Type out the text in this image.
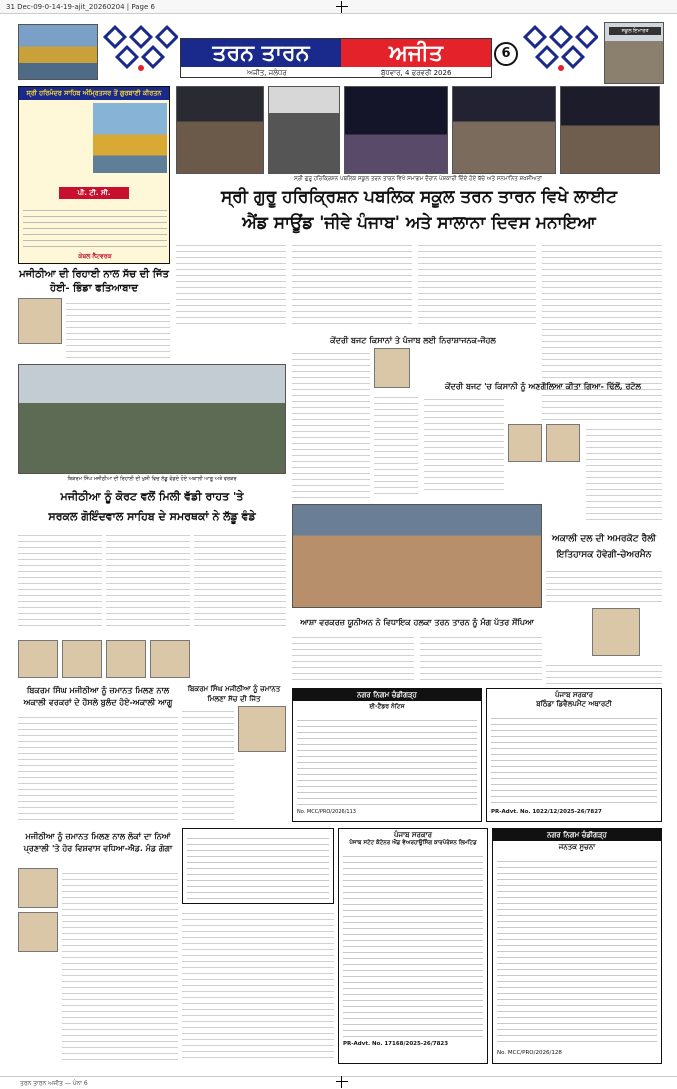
31 Dec-09-0-14-19-ajit_20260204 | Page 6
ਸਕੂਲ ਇਮਾਰਤ
ਤਰਨ ਤਾਰਨ	ਅਜੀਤ
ਅਜੀਤ, ਜਲੰਧਰ	ਬੁੱਧਵਾਰ, 4 ਫਰਵਰੀ 2026
6
ਸ੍ਰੀ ਹਰਿਮੰਦਰ ਸਾਹਿਬ ਅੰਮ੍ਰਿਤਸਰ ਤੋਂ ਗੁਰਬਾਣੀ ਕੀਰਤਨ
ਪੀ. ਟੀ. ਸੀ.
ਕੇਬਲ ਨੈੱਟਵਰਕ
ਸ੍ਰੀ ਗੁਰੂ ਹਰਿਕ੍ਰਿਸ਼ਨ ਪਬਲਿਕ ਸਕੂਲ ਤਰਨ ਤਾਰਨ ਵਿਖੇ ਸਮਾਗਮ ਦੌਰਾਨ ਪੇਸ਼ਕਾਰੀ ਦਿੰਦੇ ਹੋਏ ਬੱਚੇ ਅਤੇ ਸਨਮਾਨਿਤ ਸ਼ਖ਼ਸੀਅਤਾਂ
ਸ੍ਰੀ ਗੁਰੂ ਹਰਿਕ੍ਰਿਸ਼ਨ ਪਬਲਿਕ ਸਕੂਲ ਤਰਨ ਤਾਰਨ ਵਿਖੇ ਲਾਈਟ
ਐਂਡ ਸਾਊਂਡ 'ਜੀਵੇ ਪੰਜਾਬ' ਅਤੇ ਸਾਲਾਨਾ ਦਿਵਸ ਮਨਾਇਆ
ਮਜੀਠੀਆ ਦੀ ਰਿਹਾਈ ਨਾਲ ਸੱਚ ਦੀ ਜਿੱਤ ਹੋਈ- ਭਿੰਡਾ ਫਤਿਆਬਾਦ
ਕੇਂਦਰੀ ਬਜਟ ਕਿਸਾਨਾਂ ਤੇ ਪੰਜਾਬ ਲਈ ਨਿਰਾਸ਼ਾਜਨਕ-ਜੌਹਲ
ਕੇਂਦਰੀ ਬਜਟ 'ਚ ਕਿਸਾਨੀ ਨੂੰ ਅਣਗੌਲਿਆ ਕੀਤਾ ਗਿਆ- ਢਿੱਲੋਂ, ਰਟੋਲ
ਬਿਕਰਮ ਸਿੰਘ ਮਜੀਠੀਆ ਦੀ ਰਿਹਾਈ ਦੀ ਖੁਸ਼ੀ ਵਿਚ ਲੱਡੂ ਵੰਡਦੇ ਹੋਏ ਅਕਾਲੀ ਆਗੂ ਅਤੇ ਵਰਕਰ
ਮਜੀਠੀਆ ਨੂੰ ਕੋਰਟ ਵਲੋਂ ਮਿਲੀ ਵੱਡੀ ਰਾਹਤ 'ਤੇ
ਸਰਕਲ ਗੋਇੰਦਵਾਲ ਸਾਹਿਬ ਦੇ ਸਮਰਥਕਾਂ ਨੇ ਲੱਡੂ ਵੰਡੇ
ਆਸ਼ਾ ਵਰਕਰਜ਼ ਯੂਨੀਅਨ ਨੇ ਵਿਧਾਇਕ ਹਲਕਾ ਤਰਨ ਤਾਰਨ ਨੂੰ ਮੰਗ ਪੱਤਰ ਸੌਂਪਿਆ
ਅਕਾਲੀ ਦਲ ਦੀ ਅਮਰਕੋਟ ਰੈਲੀ
ਇਤਿਹਾਸਕ ਹੋਵੇਗੀ-ਚੇਅਰਮੈਨ
ਬਿਕਰਮ ਸਿੰਘ ਮਜੀਠੀਆ ਨੂੰ ਜ਼ਮਾਨਤ ਮਿਲਣ ਨਾਲ ਅਕਾਲੀ ਵਰਕਰਾਂ ਦੇ ਹੌਸਲੇ ਬੁਲੰਦ ਹੋਏ-ਅਕਾਲੀ ਆਗੂ
ਬਿਕਰਮ ਸਿੰਘ ਮਜੀਠੀਆ ਨੂੰ ਜ਼ਮਾਨਤ ਮਿਲਣਾ ਸੱਚ ਦੀ ਜਿੱਤ	ਨਗਰ ਨਿਗਮ ਚੰਡੀਗੜ੍ਹ
ਈ-ਟੈਂਡਰ ਨੋਟਿਸ
No. MCC/PRO/2026/113
ਪੰਜਾਬ ਸਰਕਾਰ
ਬਠਿੰਡਾ ਡਿਵੈਲਪਮੈਂਟ ਅਥਾਰਟੀ
PR-Advt. No. 1022/12/2025-26/7827
ਮਜੀਠੀਆ ਨੂੰ ਜ਼ਮਾਨਤ ਮਿਲਣ ਨਾਲ ਲੋਕਾਂ ਦਾ ਨਿਆਂ ਪ੍ਰਣਾਲੀ 'ਤੇ ਹੋਰ ਵਿਸ਼ਵਾਸ ਵਧਿਆ-ਐਡ. ਮੰਡ ਗੋਗਾ
ਪੰਜਾਬ ਸਰਕਾਰ
ਪੰਜਾਬ ਸਟੇਟ ਕੰਟੇਨਰ ਐਂਡ ਵੇਅਰਹਾਊਸਿੰਗ ਕਾਰਪੋਰੇਸ਼ਨ ਲਿਮਟਿਡ
PR-Advt. No. 17168/2025-26/7823
ਨਗਰ ਨਿਗਮ ਚੰਡੀਗੜ੍ਹ
ਜਨਤਕ ਸੂਚਨਾ
No. MCC/PRO/2026/128
ਤਰਨ ਤਾਰਨ ਅਜੀਤ — ਪੰਨਾ 6
